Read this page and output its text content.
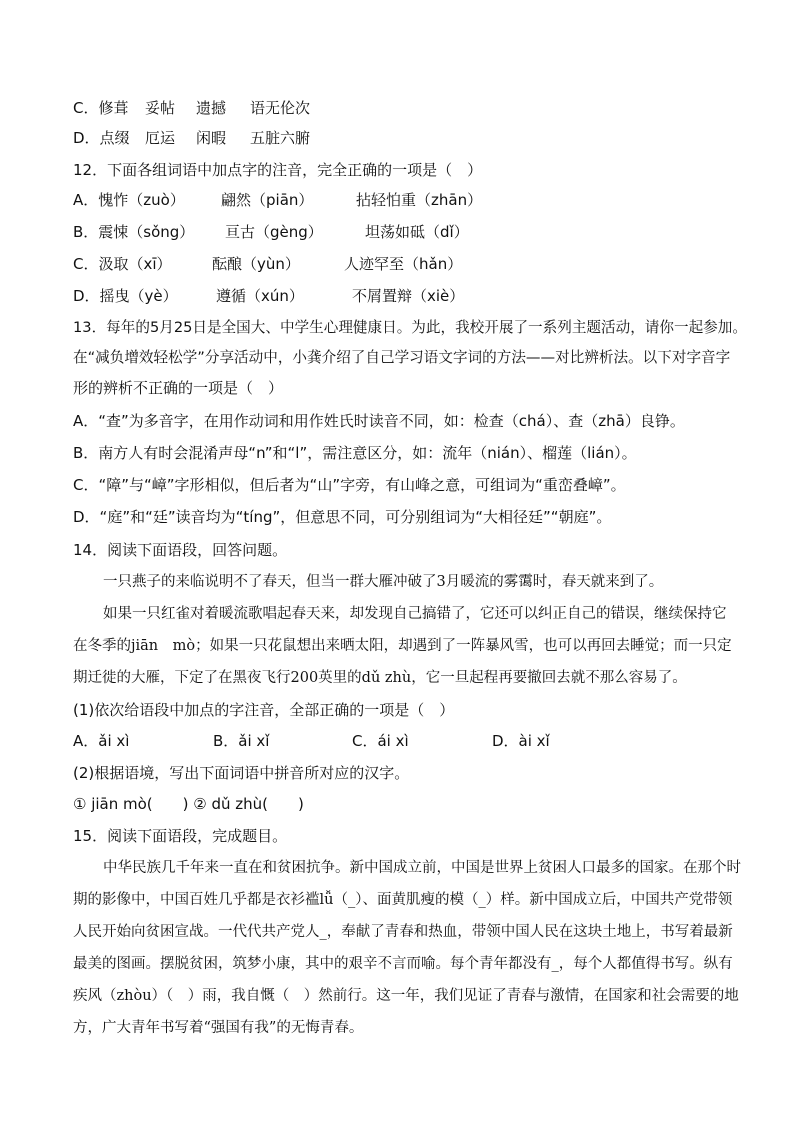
C．修葺 妥帖 遗撼 语无伦次
D．点缀 厄运 闲暇 五脏六腑
12．下面各组词语中加点字的注音，完全正确的一项是（　）
A．愧怍（zuò） 翩然（piān）	拈轻怕重（zhān）
B．震悚（sǒng） 亘古（gèng）	坦荡如砥（dǐ）
C．汲取（xī）	酝酿（yùn）	人迹罕至（hǎn）
D．摇曳（yè）	遵循（xún）	不屑置辩（xiè）
13．每年的5月25日是全国大、中学生心理健康日。为此，我校开展了一系列主题活动，请你一起参加。
在“减负增效轻松学”分享活动中，小龚介绍了自己学习语文字词的方法——对比辨析法。以下对字音字
形的辨析不正确的一项是（　）
A．“查”为多音字，在用作动词和用作姓氏时读音不同，如：检查（chá）、查（zhā）良铮。
B．南方人有时会混淆声母“n”和“l”，需注意区分，如：流年（nián）、榴莲（lián）。
C．“障”与“嶂”字形相似，但后者为“山”字旁，有山峰之意，可组词为“重峦叠嶂”。
D．“庭”和“廷”读音均为“tíng”，但意思不同，可分别组词为“大相径廷”“朝庭”。
14．阅读下面语段，回答问题。
一只燕子的来临说明不了春天，但当一群大雁冲破了3月暖流的雾霭时，春天就来到了。
如果一只红雀对着暖流歌唱起春天来，却发现自己搞错了，它还可以纠正自己的错误，继续保持它
在冬季的jiān　mò；如果一只花鼠想出来晒太阳，却遇到了一阵暴风雪，也可以再回去睡觉；而一只定
期迁徙的大雁，下定了在黑夜飞行200英里的dǔ zhù，它一旦起程再要撤回去就不那么容易了。
(1)依次给语段中加点的字注音，全部正确的一项是（　）
A．ǎi xì	B．ǎi xǐ	C．ái xì	D．ài xǐ
(2)根据语境，写出下面词语中拼音所对应的汉字。
① jiān mò(　　) ② dǔ zhù(　　)
15．阅读下面语段，完成题目。
中华民族几千年来一直在和贫困抗争。新中国成立前，中国是世界上贫困人口最多的国家。在那个时
期的影像中，中国百姓几乎都是衣衫褴lǚ（_）、面黄肌瘦的模（_）样。新中国成立后，中国共产党带领
人民开始向贫困宣战。一代代共产党人_，奉献了青春和热血，带领中国人民在这块土地上，书写着最新
最美的图画。摆脱贫困，筑梦小康，其中的艰辛不言而喻。每个青年都没有_，每个人都值得书写。纵有
疾风（zhòu）（　）雨，我自慨（　）然前行。这一年，我们见证了青春与激情，在国家和社会需要的地
方，广大青年书写着“强国有我”的无悔青春。
